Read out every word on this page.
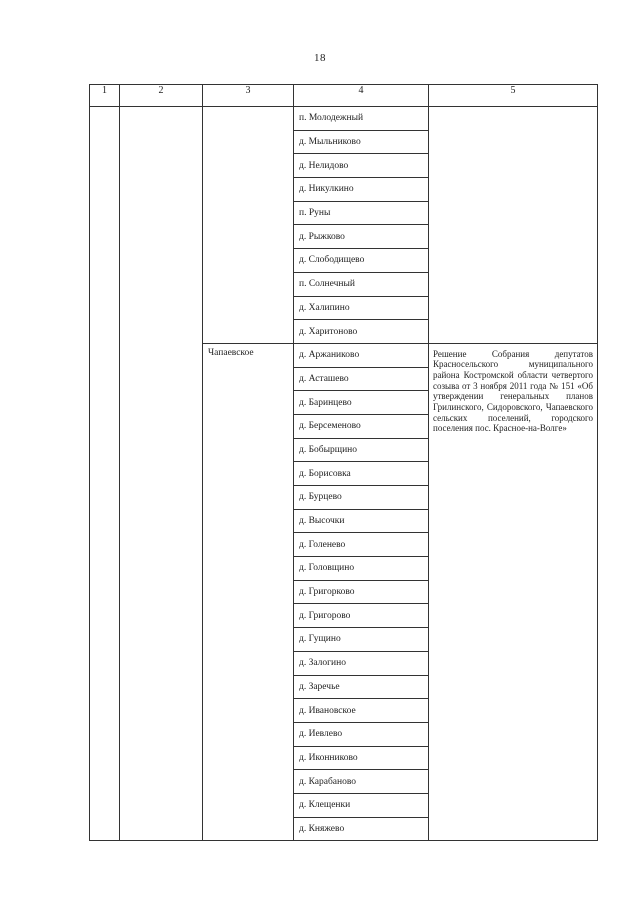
18
1	2	3	4	5
			п. Молодежный	
			д. Мыльниково	
			д. Нелидово	
			д. Никулкино	
			п. Руны	
			д. Рыжково	
			д. Слободищево	
			п. Солнечный	
			д. Халипино	
			д. Харитоново	
		Чапаевское	д. Аржаниково	Решение Собрания депутатов Красносельского муниципального района Костромской области четвертого созыва от 3 ноября 2011 года № 151 «Об утверждении генеральных планов Грилинского, Сидоровского, Чапаевского сельских поселений, городского поселения пос. Красное-на-Волге»
			д. Асташево	
			д. Баринцево	
			д. Берсеменово	
			д. Бобырщино	
			д. Борисовка	
			д. Бурцево	
			д. Высочки	
			д. Голенево	
			д. Головщино	
			д. Григорково	
			д. Григорово	
			д. Гущино	
			д. Залогино	
			д. Заречье	
			д. Ивановское	
			д. Иевлево	
			д. Иконниково	
			д. Карабаново	
			д. Клещенки	
			д. Княжево	
